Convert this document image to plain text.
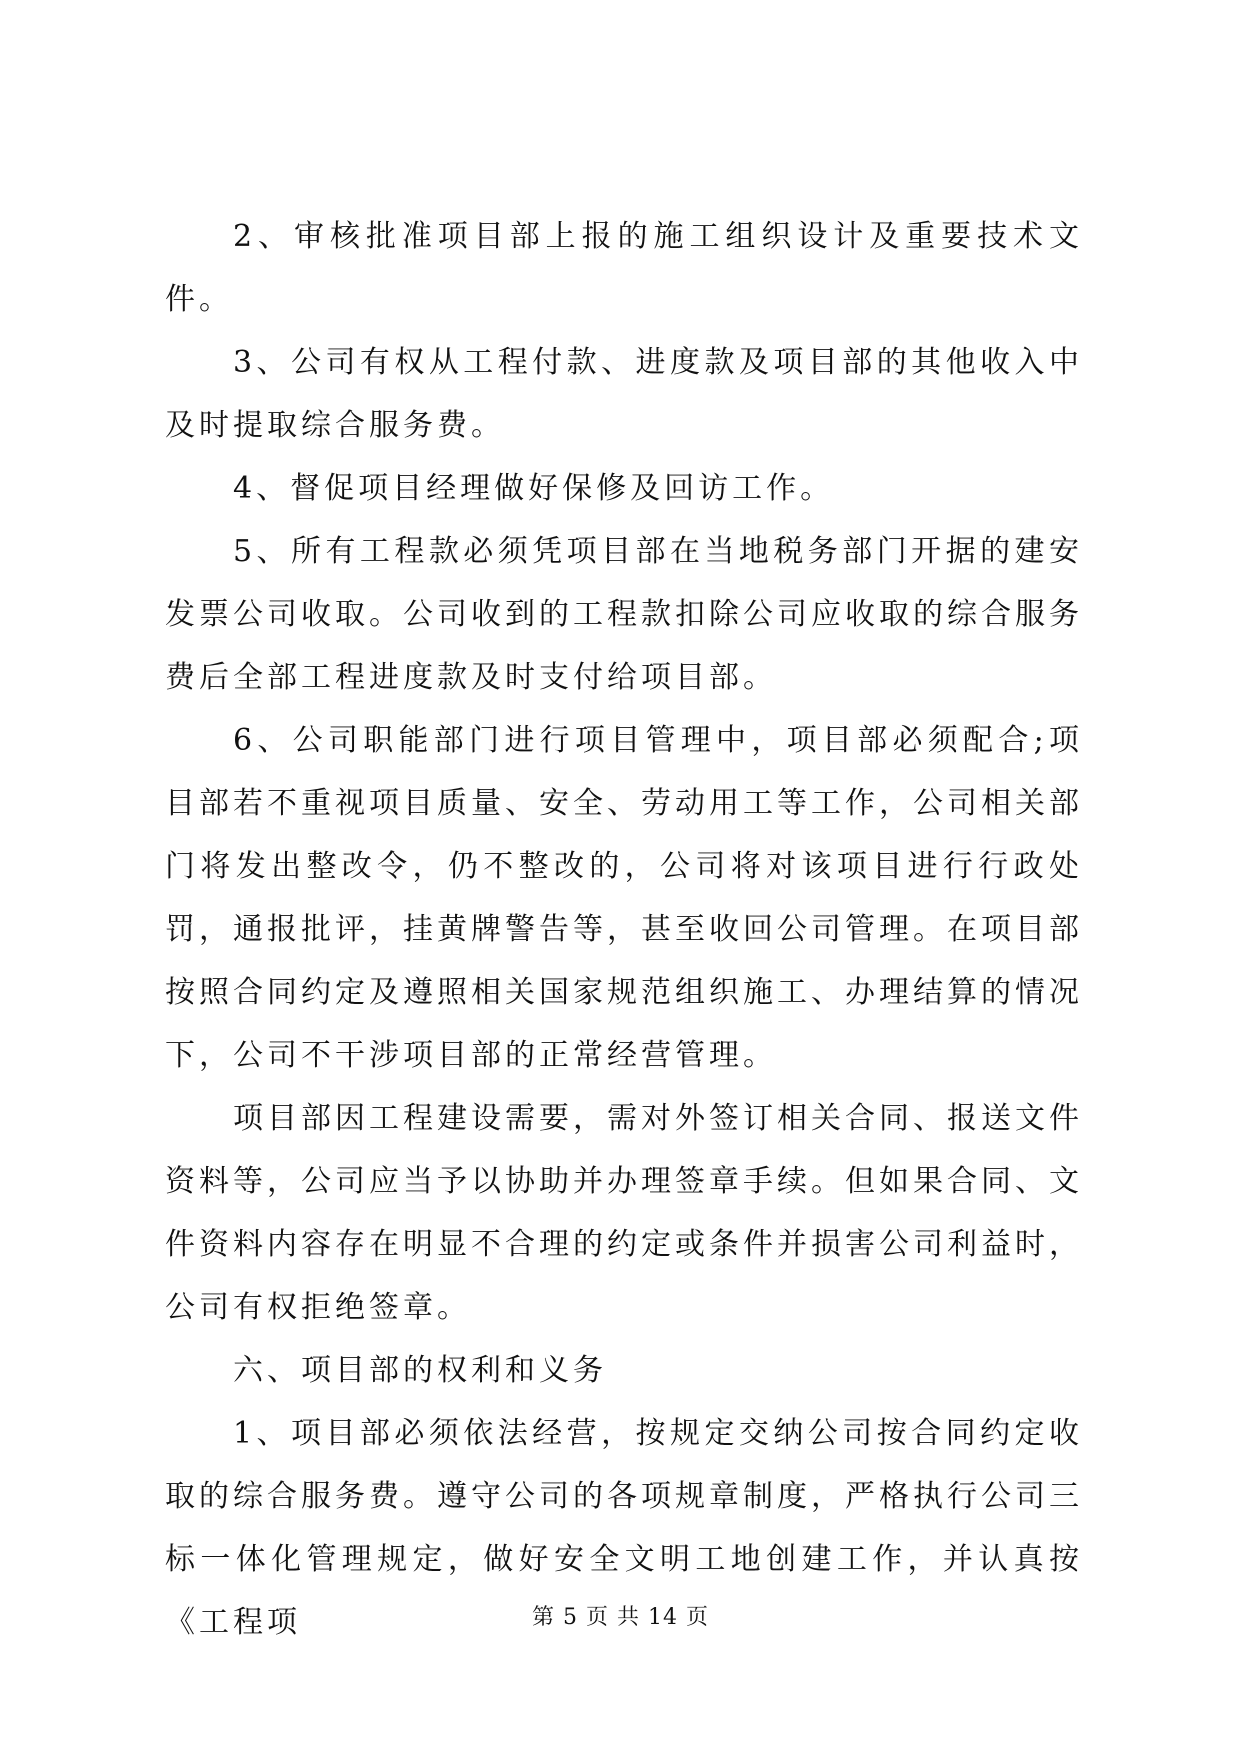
2、审核批准项目部上报的施工组织设计及重要技术文件。

3、公司有权从工程付款、进度款及项目部的其他收入中及时提取综合服务费。

4、督促项目经理做好保修及回访工作。

5、所有工程款必须凭项目部在当地税务部门开据的建安发票公司收取。公司收到的工程款扣除公司应收取的综合服务费后全部工程进度款及时支付给项目部。

6、公司职能部门进行项目管理中，项目部必须配合;项目部若不重视项目质量、安全、劳动用工等工作，公司相关部门将发出整改令，仍不整改的，公司将对该项目进行行政处罚，通报批评，挂黄牌警告等，甚至收回公司管理。在项目部按照合同约定及遵照相关国家规范组织施工、办理结算的情况下，公司不干涉项目部的正常经营管理。

项目部因工程建设需要，需对外签订相关合同、报送文件资料等，公司应当予以协助并办理签章手续。但如果合同、文件资料内容存在明显不合理的约定或条件并损害公司利益时，公司有权拒绝签章。

六、项目部的权利和义务

1、项目部必须依法经营，按规定交纳公司按合同约定收取的综合服务费。遵守公司的各项规章制度，严格执行公司三标一体化管理规定，做好安全文明工地创建工作，并认真按《工程项	第 5 页 共 14 页
